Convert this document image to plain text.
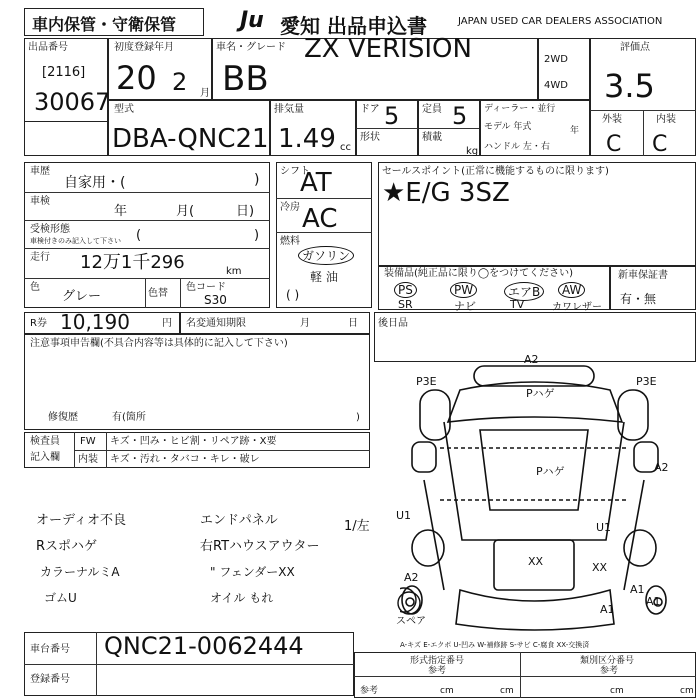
車内保管・守衛保管	Ju 愛知 出品申込書	JAPAN USED CAR DEALERS ASSOCIATION
出品番号
[2116]
30067
初度登録年月
20 2 月
車名・グレード
BB
ZX VERISION	2WD
4WD
評価点
3.5
外装	内装
C C
型式
DBA-QNC21
排気量
1.49 cc
ドア 5
形状
定員 5
積載
kg
ディーラー・並行
モデル 年式	年
ハンドル 左・右
車歴
自家用・(	)
車検
年	月(	日)
受検形態
車検付きのみ記入して下さい (	)
走行 12万1千296	km
色
グレー	色替
色コード
S30
シフト
AT
冷房 AC
燃料
ガソリン
軽 油
( )
セールスポイント(正常に機能するものに限ります)
★E/G 3SZ
装備品(純正品に限り◯をつけてください)
PS	PW	エアB	AW
SR	ナビ	TV	カワレザー
新車保証書
有・無
R券 10,190	円 名変通知期限	月	日 後日品
注意事項申告欄(不具合内容等は具体的に記入して下さい)
修復歴	有(箇所	)
検査員
記入欄
FW キズ・凹み・ヒビ割・リペア跡・X要
内装 キズ・汚れ・タバコ・キレ・破レ
オーディオ不良	エンドパネル
Rスポハゲ	右RTハウスアウター
カラーナルミA	" フェンダーXX
ゴムU	オイル もれ
1/左
スペア
A2
Pハゲ
P3E	P3E
A2
U1
U1
Pハゲ
XX	XX
A1
A2
A1
A1
A-キズ E-エクボ U-凹み W-補修跡 S-サビ C-腐食 XX-交換済
車台番号 QNC21-0062444
登録番号
形式指定番号
参考
類別区分番号
参考
参考	cm	cm	cm	cm
